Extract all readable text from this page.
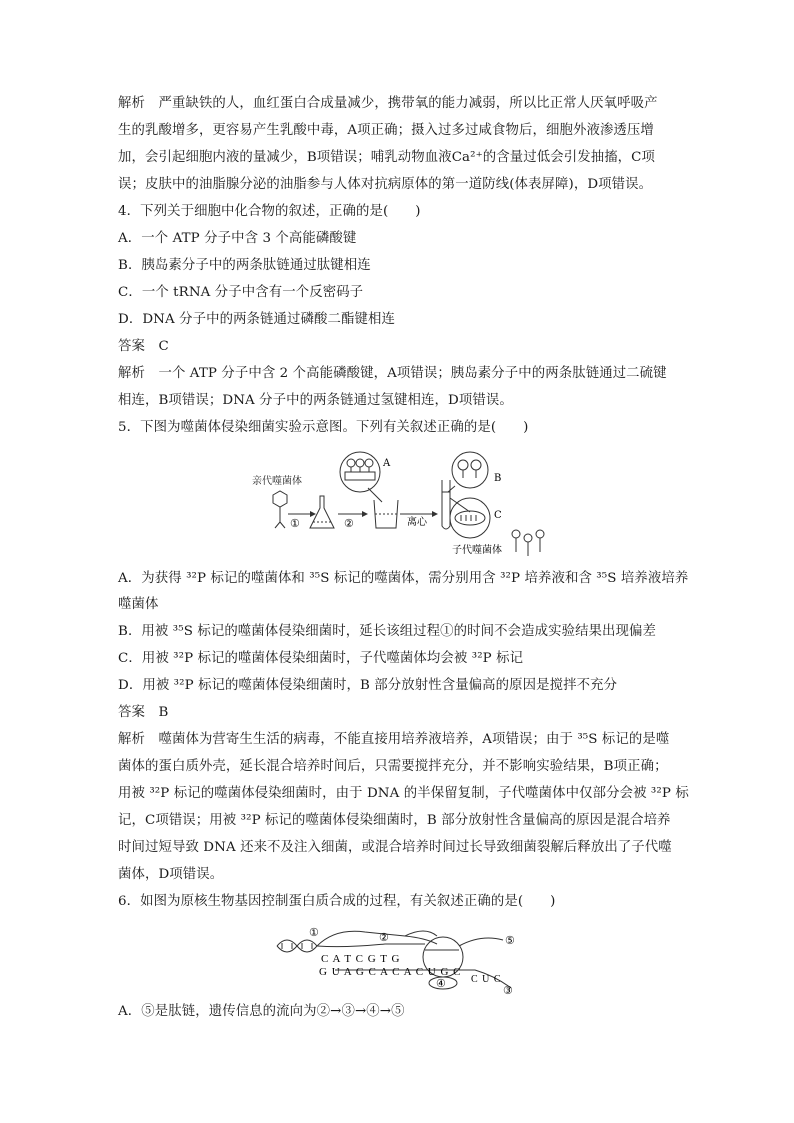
解析　严重缺铁的人，血红蛋白合成量减少，携带氧的能力减弱，所以比正常人厌氧呼吸产
生的乳酸增多，更容易产生乳酸中毒，A项正确；摄入过多过咸食物后，细胞外液渗透压增
加，会引起细胞内液的量减少，B项错误；哺乳动物血液Ca²⁺的含量过低会引发抽搐，C项
误；皮肤中的油脂腺分泌的油脂参与人体对抗病原体的第一道防线(体表屏障)，D项错误。
4．下列关于细胞中化合物的叙述，正确的是(　　)
A．一个 ATP 分子中含 3 个高能磷酸键
B．胰岛素分子中的两条肽链通过肽键相连
C．一个 tRNA 分子中含有一个反密码子
D．DNA 分子中的两条链通过磷酸二酯键相连
答案　C
解析　一个 ATP 分子中含 2 个高能磷酸键，A项错误；胰岛素分子中的两条肽链通过二硫键
相连，B项错误；DNA 分子中的两条链通过氢键相连，D项错误。
5．下图为噬菌体侵染细菌实验示意图。下列有关叙述正确的是(　　)
亲代噬菌体
①	②
A
离心
B
C
子代噬菌体
A．为获得 ³²P 标记的噬菌体和 ³⁵S 标记的噬菌体，需分别用含 ³²P 培养液和含 ³⁵S 培养液培养
噬菌体
B．用被 ³⁵S 标记的噬菌体侵染细菌时，延长该组过程①的时间不会造成实验结果出现偏差
C．用被 ³²P 标记的噬菌体侵染细菌时，子代噬菌体均会被 ³²P 标记
D．用被 ³²P 标记的噬菌体侵染细菌时，B 部分放射性含量偏高的原因是搅拌不充分
答案　B
解析　噬菌体为营寄生生活的病毒，不能直接用培养液培养，A项错误；由于 ³⁵S 标记的是噬
菌体的蛋白质外壳，延长混合培养时间后，只需要搅拌充分，并不影响实验结果，B项正确；
用被 ³²P 标记的噬菌体侵染细菌时，由于 DNA 的半保留复制，子代噬菌体中仅部分会被 ³²P 标
记，C项错误；用被 ³²P 标记的噬菌体侵染细菌时，B 部分放射性含量偏高的原因是混合培养
时间过短导致 DNA 还来不及注入细菌，或混合培养时间过长导致细菌裂解后释放出了子代噬
菌体，D项错误。
6．如图为原核生物基因控制蛋白质合成的过程，有关叙述正确的是(　　)
①	②	⑤
④
③
C A T C G T G
G U A G C A C A C U G C
C U C
A．⑤是肽链，遗传信息的流向为②→③→④→⑤
